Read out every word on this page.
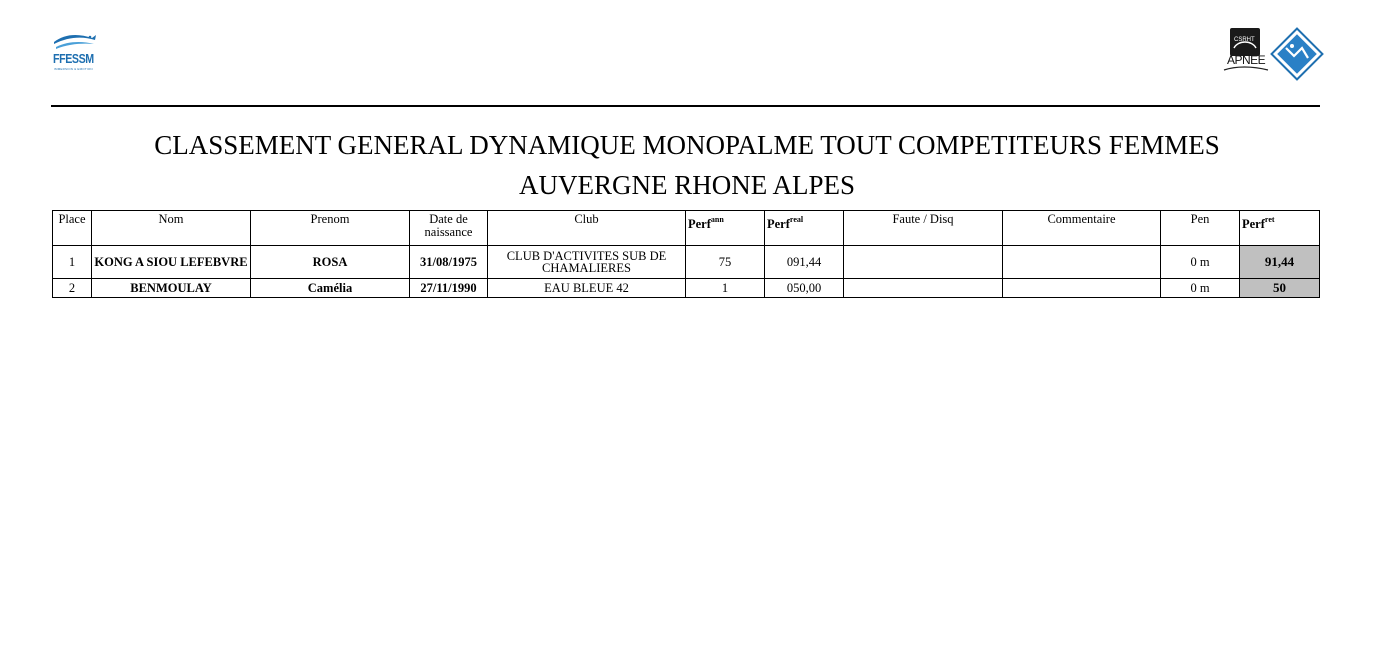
FFESSM
IMMERSION & EMOTION
CSRHT
APNEE
CLASSEMENT GENERAL DYNAMIQUE MONOPALME TOUT COMPETITEURS FEMMES
AUVERGNE RHONE ALPES
Place	Nom	Prenom	Date de naissance	Club	Perf$^{ann}$	Perf$^{real}$	Faute / Disq	Commentaire	Pen	Perf$^{ret}$
1	KONG A SIOU LEFEBVRE	ROSA	31/08/1975	CLUB D'ACTIVITES SUB DE CHAMALIERES	75	091,44			0 m	91,44
2	BENMOULAY	Camélia	27/11/1990	EAU BLEUE 42	1	050,00			0 m	50
